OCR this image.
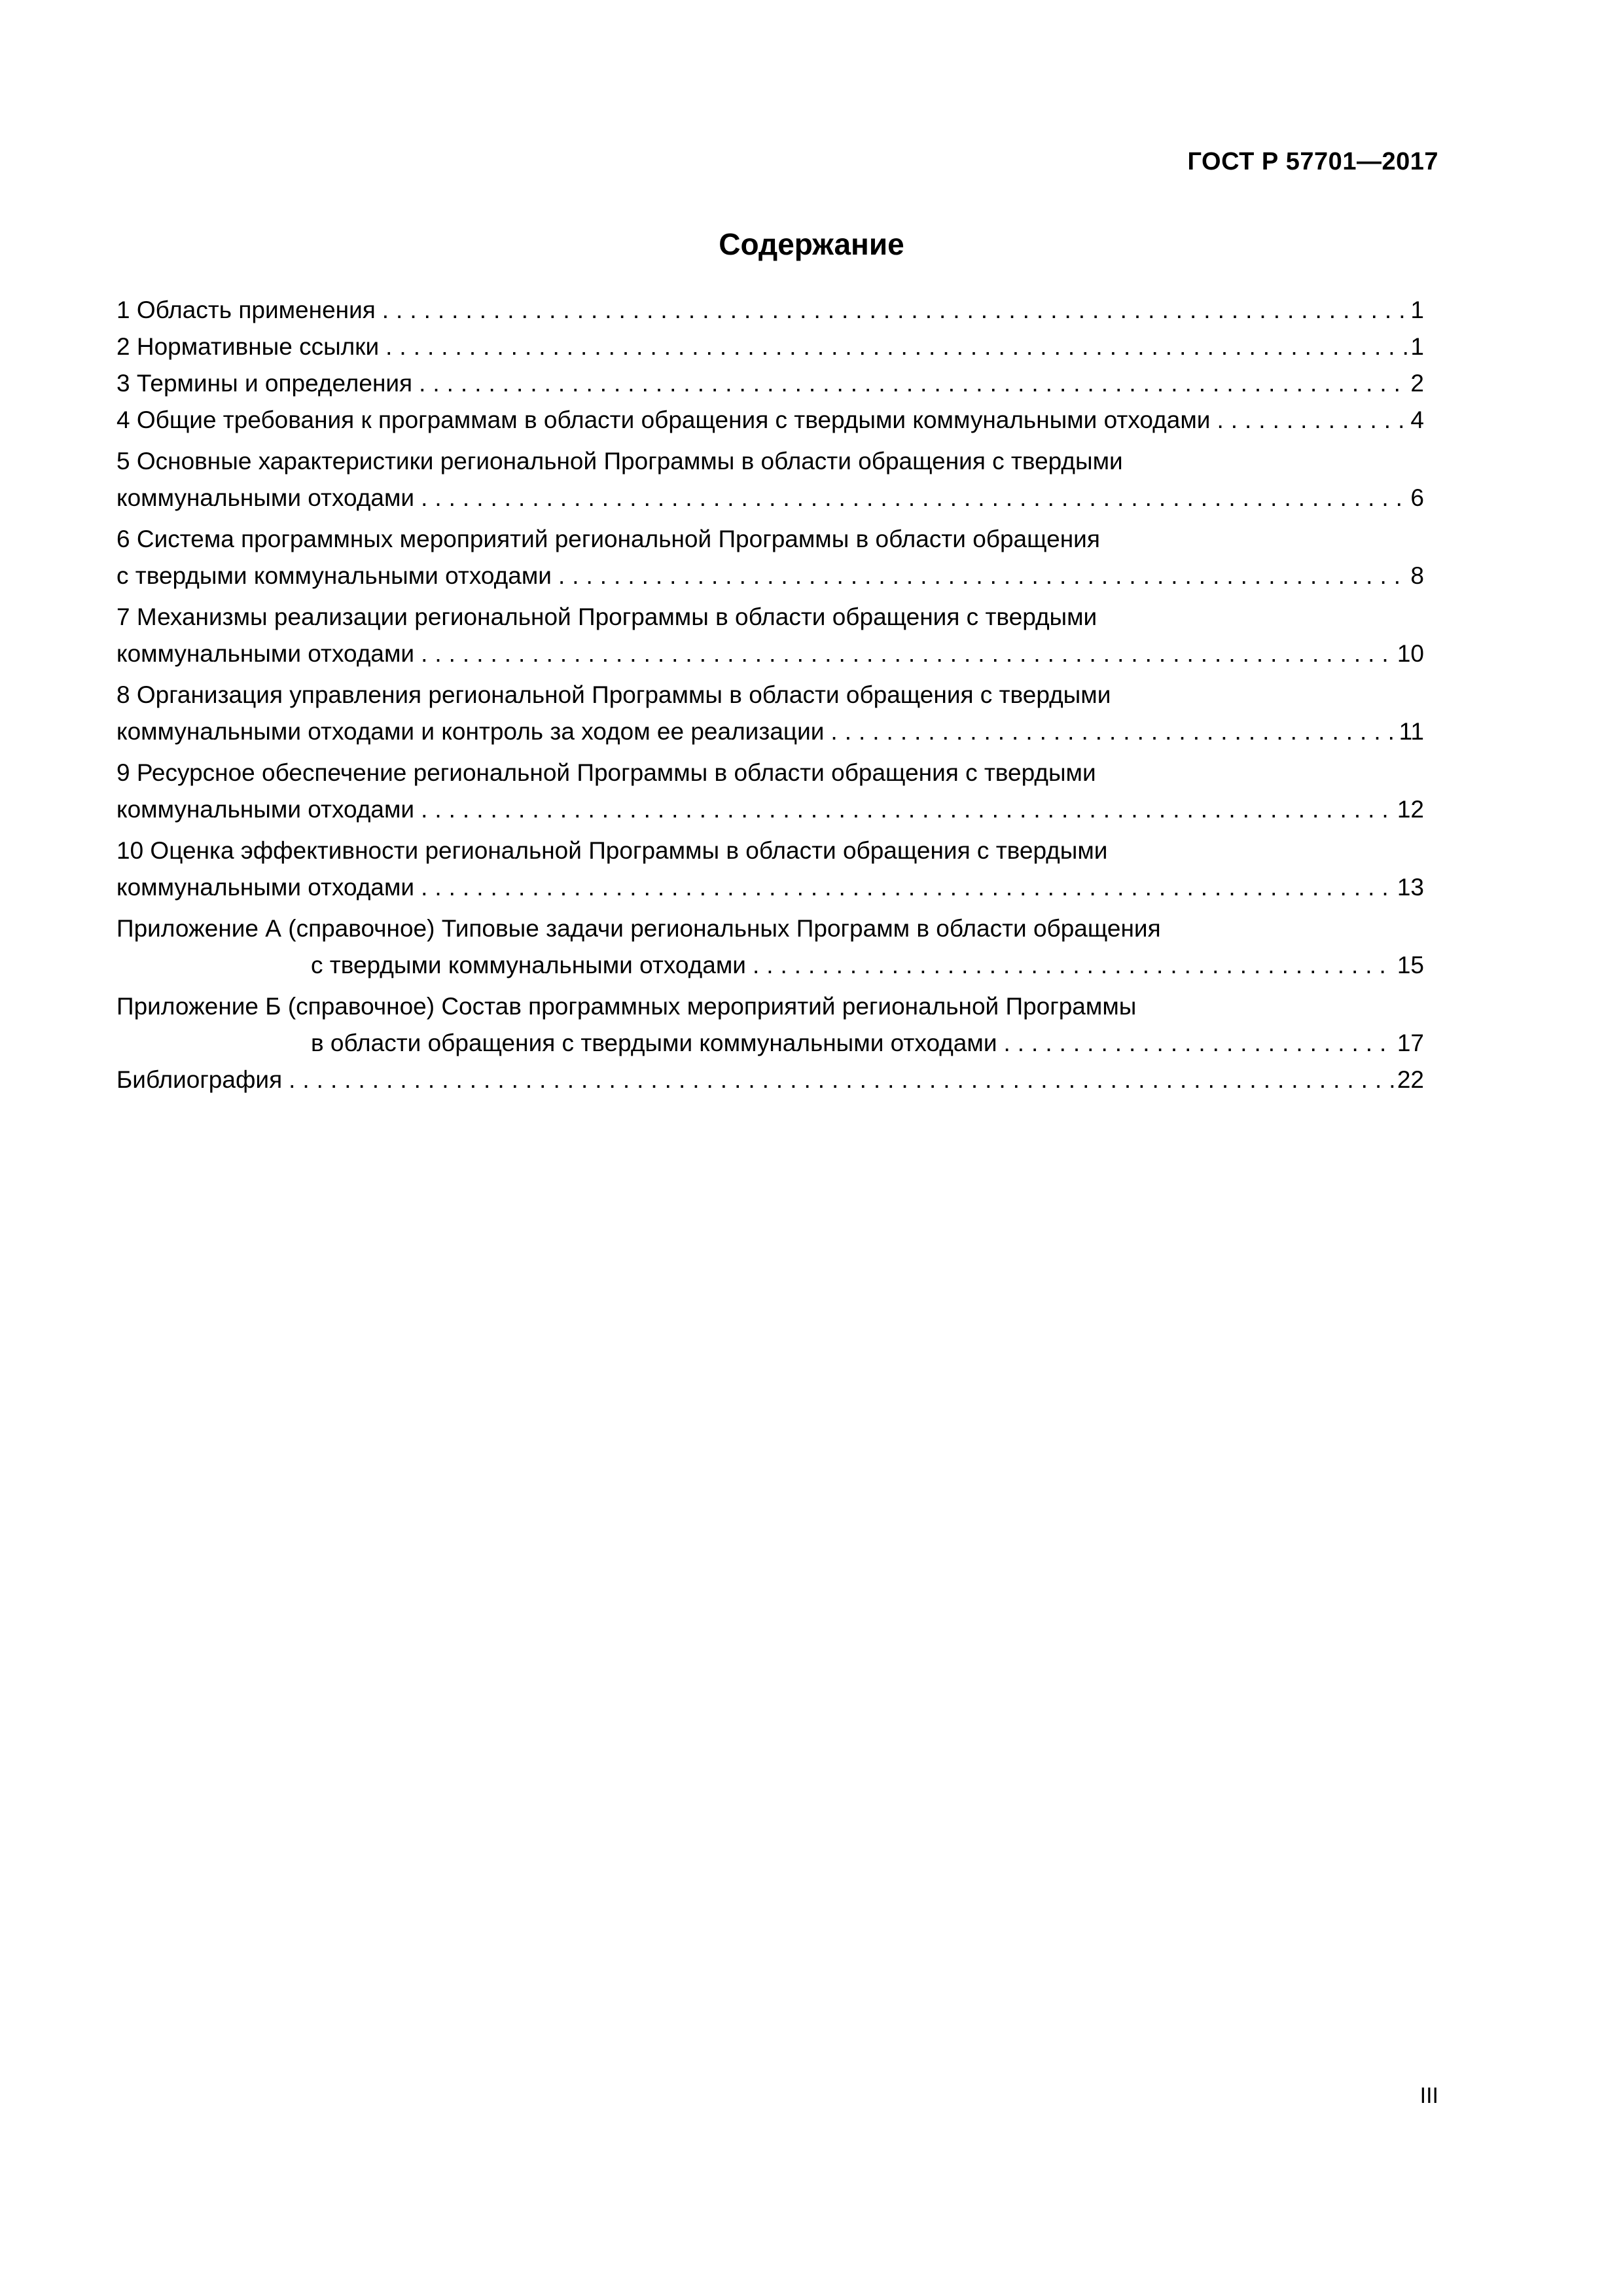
ГОСТ Р 57701—2017

Содержание
1 Область применения .....	1
2 Нормативные ссылки .....	1
3 Термины и определения .....	2
4 Общие требования к программам в области обращения с твердыми коммунальными отходами .....	4
5 Основные характеристики региональной Программы в области обращения с твердыми
коммунальными отходами .....	6
6 Система программных мероприятий региональной Программы в области обращения
с твердыми коммунальными отходами .....	8
7 Механизмы реализации региональной Программы в области обращения с твердыми
коммунальными отходами .....	10
8 Организация управления региональной Программы в области обращения с твердыми
коммунальными отходами и контроль за ходом ее реализации .....	11
9 Ресурсное обеспечение региональной Программы в области обращения с твердыми
коммунальными отходами .....	12
10 Оценка эффективности региональной Программы в области обращения с твердыми
коммунальными отходами .....	13
Приложение А (справочное) Типовые задачи региональных Программ в области обращения
с твердыми коммунальными отходами .....	15
Приложение Б (справочное) Состав программных мероприятий региональной Программы
в области обращения с твердыми коммунальными отходами .....	17
Библиография .....	22

III
